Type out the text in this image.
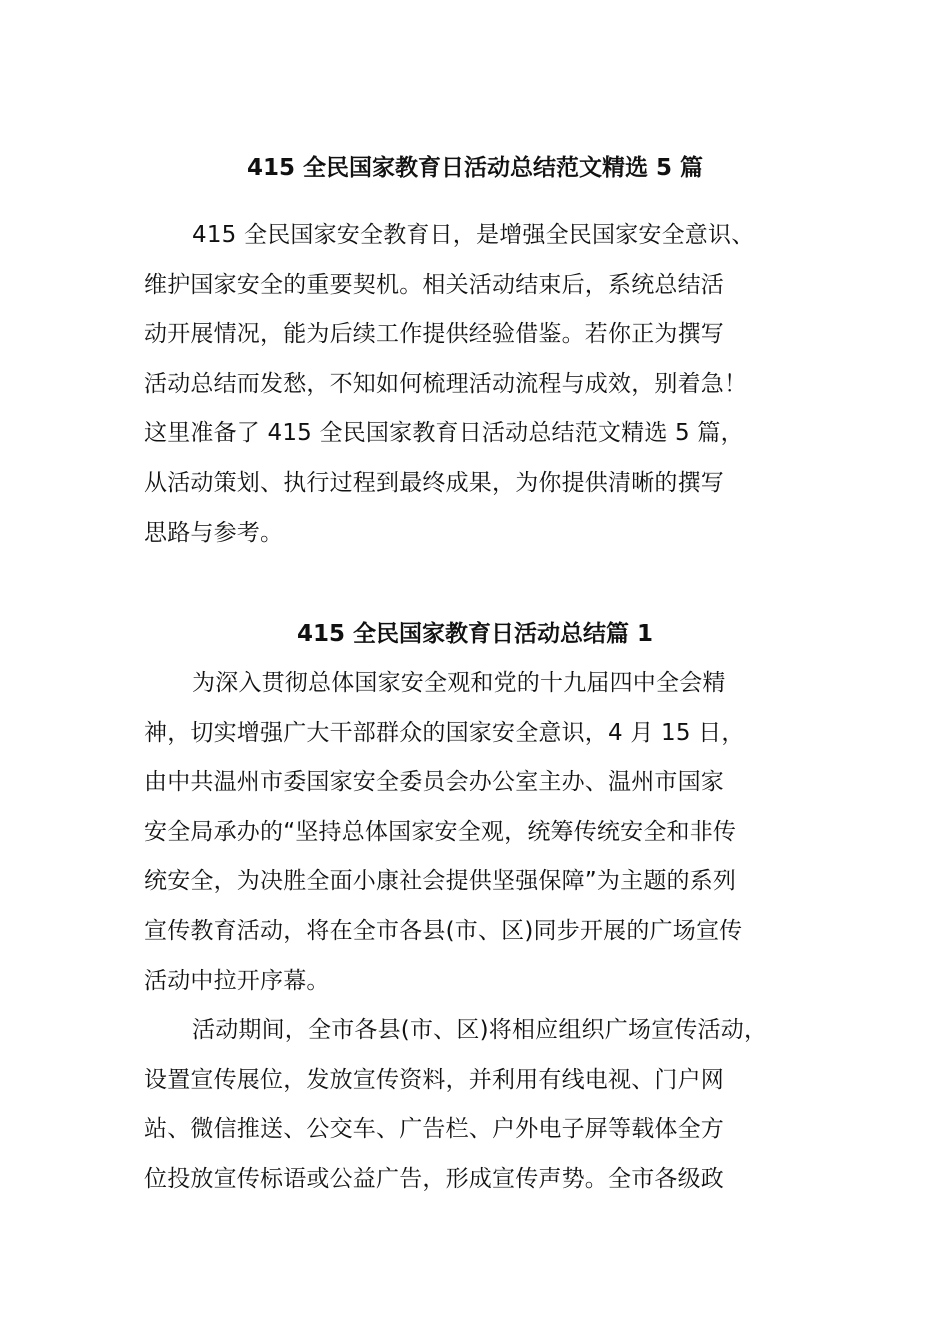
415 全民国家教育日活动总结范文精选 5 篇
415 全民国家安全教育日，是增强全民国家安全意识、
维护国家安全的重要契机。相关活动结束后，系统总结活
动开展情况，能为后续工作提供经验借鉴。若你正为撰写
活动总结而发愁，不知如何梳理活动流程与成效，别着急！
这里准备了 415 全民国家教育日活动总结范文精选 5 篇，
从活动策划、执行过程到最终成果，为你提供清晰的撰写
思路与参考。
415 全民国家教育日活动总结篇 1
为深入贯彻总体国家安全观和党的十九届四中全会精
神，切实增强广大干部群众的国家安全意识，4 月 15 日，
由中共温州市委国家安全委员会办公室主办、温州市国家
安全局承办的“坚持总体国家安全观，统筹传统安全和非传
统安全，为决胜全面小康社会提供坚强保障”为主题的系列
宣传教育活动，将在全市各县(市、区)同步开展的广场宣传
活动中拉开序幕。
活动期间，全市各县(市、区)将相应组织广场宣传活动，
设置宣传展位，发放宣传资料，并利用有线电视、门户网
站、微信推送、公交车、广告栏、户外电子屏等载体全方
位投放宣传标语或公益广告，形成宣传声势。全市各级政
